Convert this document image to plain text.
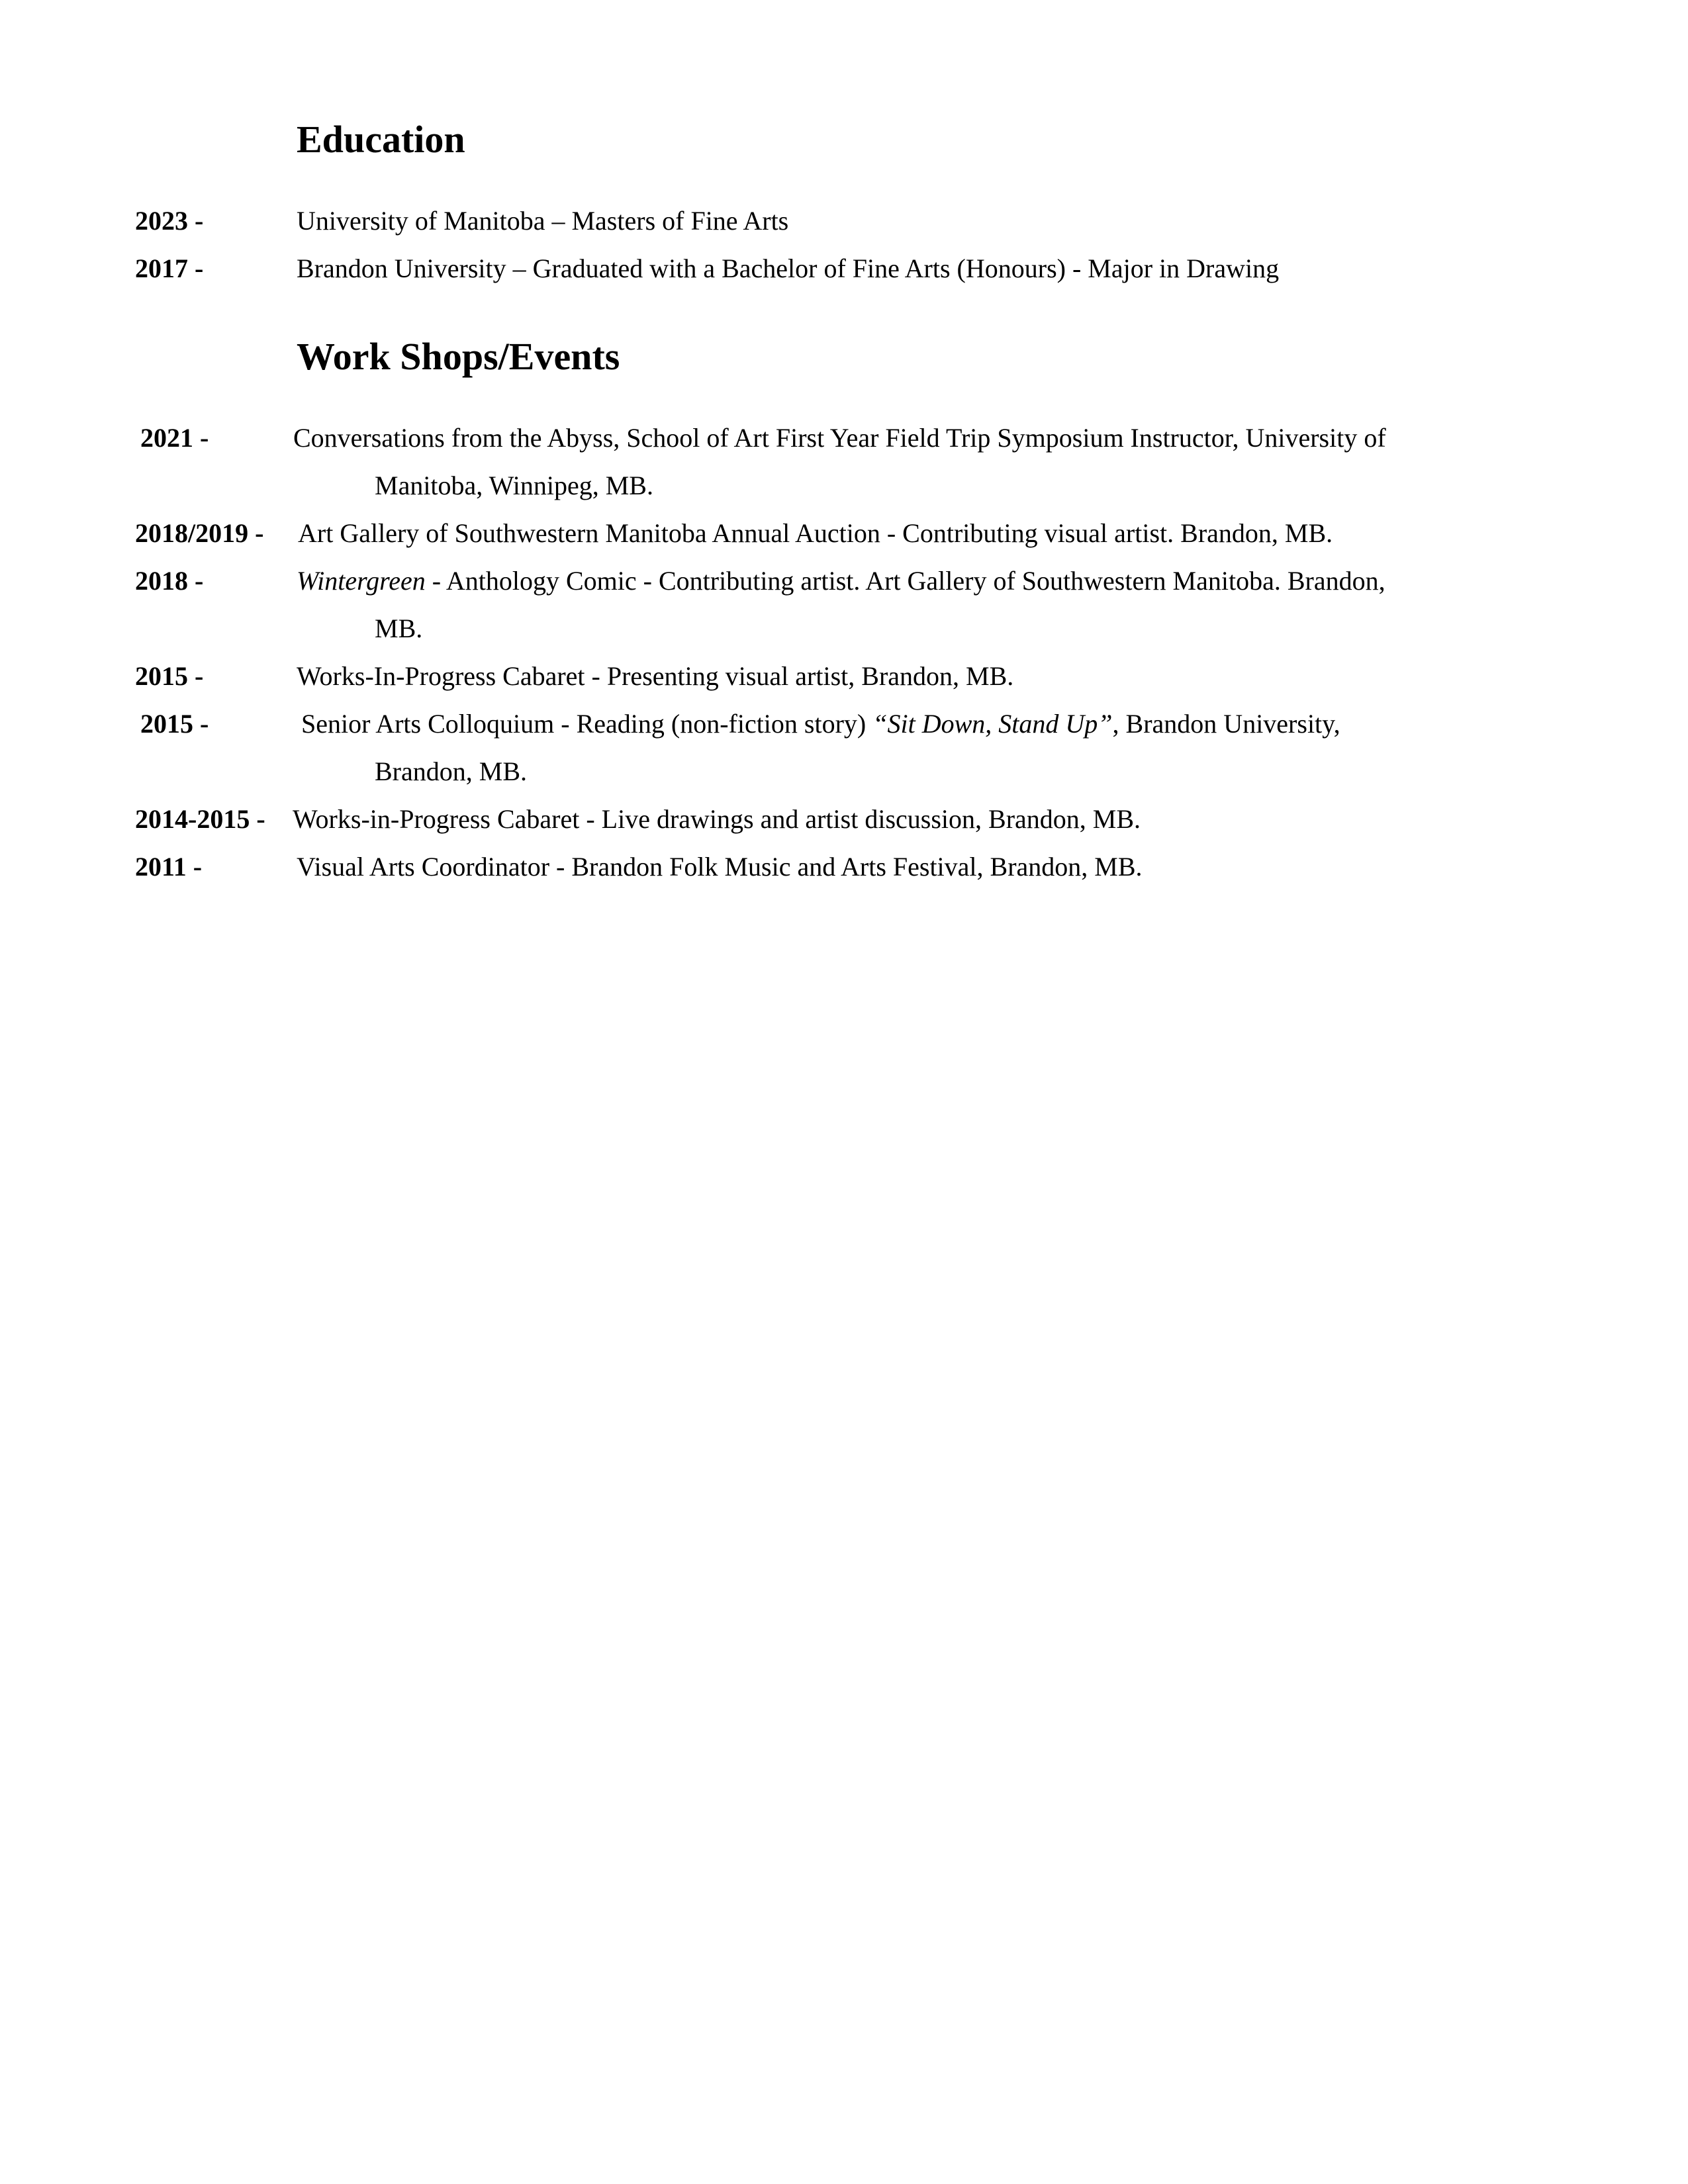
Education
2023 -	University of Manitoba – Masters of Fine Arts
2017 -	Brandon University – Graduated with a Bachelor of Fine Arts (Honours) - Major in Drawing
Work Shops/Events
2021 -	Conversations from the Abyss, School of Art First Year Field Trip Symposium Instructor, University of
Manitoba, Winnipeg, MB.
2018/2019 - Art Gallery of Southwestern Manitoba Annual Auction - Contributing visual artist. Brandon, MB.
2018 -	Wintergreen - Anthology Comic - Contributing artist. Art Gallery of Southwestern Manitoba. Brandon,
MB.
2015 -	Works-In-Progress Cabaret - Presenting visual artist, Brandon, MB.
2015 -	Senior Arts Colloquium - Reading (non-fiction story) “Sit Down, Stand Up”, Brandon University,
Brandon, MB.
2014-2015 - Works-in-Progress Cabaret - Live drawings and artist discussion, Brandon, MB.
2011 -	Visual Arts Coordinator - Brandon Folk Music and Arts Festival, Brandon, MB.
